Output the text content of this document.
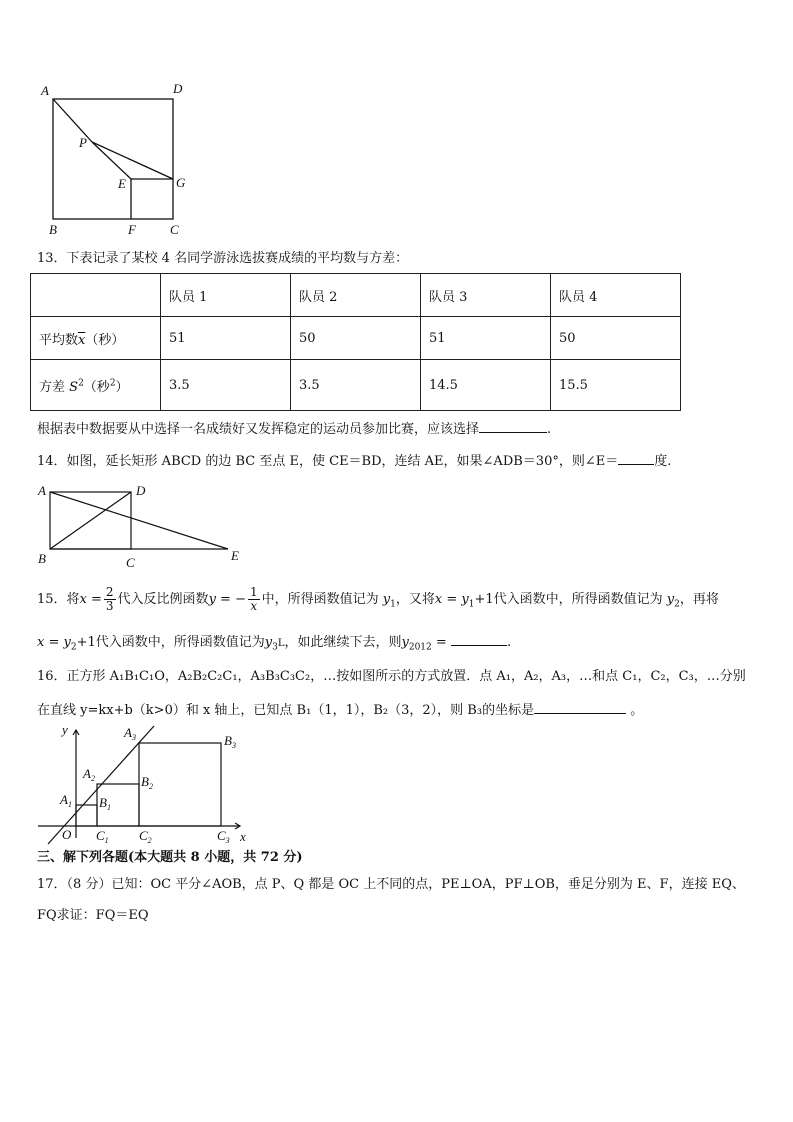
A	D
P
E	G
B	F	C
13．下表记录了某校 4 名同学游泳选拔赛成绩的平均数与方差：
	队员 1	队员 2	队员 3	队员 4
平均数$\overline{x}$（秒）	51	50	51	50
方差 $S^2$（秒$^2$）	3.5	3.5	14.5	15.5
根据表中数据要从中选择一名成绩好又发挥稳定的运动员参加比赛，应该选择	.
14．如图，延长矩形 ABCD 的边 BC 至点 E，使 CE＝BD，连结 AE，如果∠ADB＝30°，则∠E＝	度.
A	D
B	C	E
15．将$x = \frac{2}{3}$ 代入反比例函数y = − $\frac{1}{x}$ 中，所得函数值记为 $y_1$，又将$x = y_1+1$代入函数中，所得函数值记为 $y_2$，再将
$x = y_2+1$代入函数中，所得函数值记为$y_3L$，如此继续下去，则$y_{2012}$ =	.
16．正方形 A₁B₁C₁O，A₂B₂C₂C₁，A₃B₃C₃C₂，…按如图所示的方式放置．点 A₁，A₂，A₃，…和点 C₁，C₂，C₃，…分别
在直线 y=kx+b（k>0）和 x 轴上，已知点 B₁（1，1），B₂（3，2），则 B₃的坐标是	。
y
x
O
$A_1$
$A_2$
$A_3$
$B_1$
$B_2$
$B_3$
$C_1$ $C_2$	$C_3$
三、解下列各题(本大题共 8 小题，共 72 分)
17．（8 分）已知：OC 平分∠AOB，点 P、Q 都是 OC 上不同的点，PE⊥OA，PF⊥OB，垂足分别为 E、F，连接 EQ、
FQ求证：FQ＝EQ
